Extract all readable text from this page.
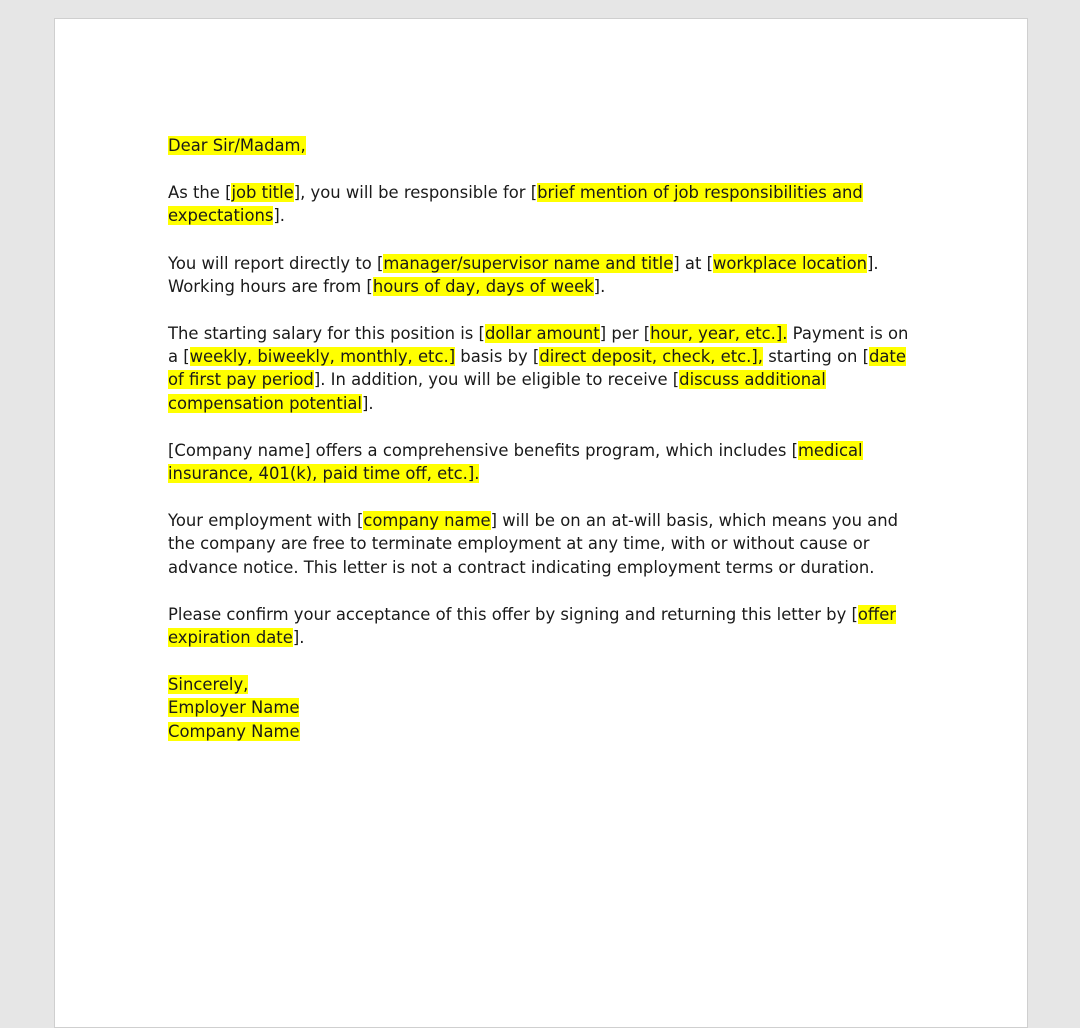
Dear Sir/Madam,

As the [job title], you will be responsible for [brief mention of job responsibilities and expectations].

You will report directly to [manager/supervisor name and title] at [workplace location]. Working hours are from [hours of day, days of week].

The starting salary for this position is [dollar amount] per [hour, year, etc.]. Payment is on a [weekly, biweekly, monthly, etc.] basis by [direct deposit, check, etc.], starting on [date of first pay period]. In addition, you will be eligible to receive [discuss additional compensation potential].

[Company name] offers a comprehensive benefits program, which includes [medical insurance, 401(k), paid time off, etc.].

Your employment with [company name] will be on an at-will basis, which means you and the company are free to terminate employment at any time, with or without cause or advance notice. This letter is not a contract indicating employment terms or duration.

Please confirm your acceptance of this offer by signing and returning this letter by [offer expiration date].

Sincerely,

Employer Name

Company Name
